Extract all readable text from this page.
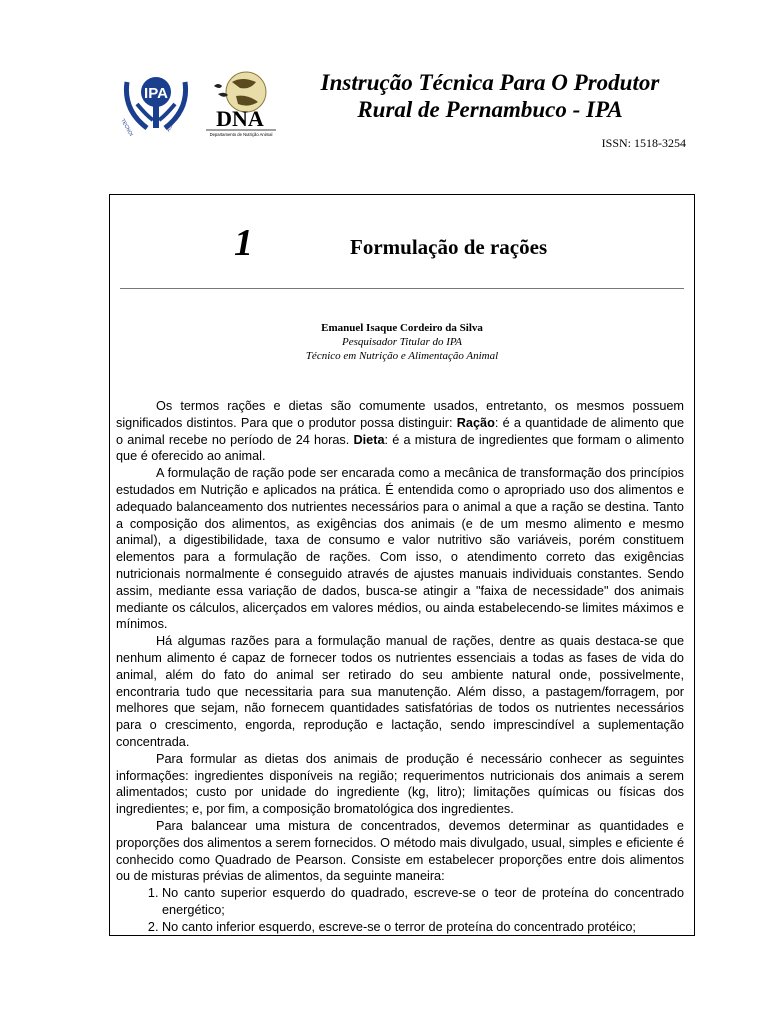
IPA
TECNOLOGIA	AGRÍCOLA DNA
Departamento de Nutrição Animal
Instrução Técnica Para O Produtor
Rural de Pernambuco - IPA
ISSN: 1518-3254
1	Formulação de rações
Emanuel Isaque Cordeiro da Silva
Pesquisador Titular do IPA
Técnico em Nutrição e Alimentação Animal

Os termos rações e dietas são comumente usados, entretanto, os mesmos possuem significados distintos. Para que o produtor possa distinguir: Ração: é a quantidade de alimento que o animal recebe no período de 24 horas. Dieta: é a mistura de ingredientes que formam o alimento que é oferecido ao animal.

A formulação de ração pode ser encarada como a mecânica de transformação dos princípios estudados em Nutrição e aplicados na prática. É entendida como o apropriado uso dos alimentos e adequado balanceamento dos nutrientes necessários para o animal a que a ração se destina. Tanto a composição dos alimentos, as exigências dos animais (e de um mesmo alimento e mesmo animal), a digestibilidade, taxa de consumo e valor nutritivo são variáveis, porém constituem elementos para a formulação de rações. Com isso, o atendimento correto das exigências nutricionais normalmente é conseguido através de ajustes manuais individuais constantes. Sendo assim, mediante essa variação de dados, busca-se atingir a "faixa de necessidade" dos animais mediante os cálculos, alicerçados em valores médios, ou ainda estabelecendo-se limites máximos e mínimos.

Há algumas razões para a formulação manual de rações, dentre as quais destaca-se que nenhum alimento é capaz de fornecer todos os nutrientes essenciais a todas as fases de vida do animal, além do fato do animal ser retirado do seu ambiente natural onde, possivelmente, encontraria tudo que necessitaria para sua manutenção. Além disso, a pastagem/forragem, por melhores que sejam, não fornecem quantidades satisfatórias de todos os nutrientes necessários para o crescimento, engorda, reprodução e lactação, sendo imprescindível a suplementação concentrada.

Para formular as dietas dos animais de produção é necessário conhecer as seguintes informações: ingredientes disponíveis na região; requerimentos nutricionais dos animais a serem alimentados; custo por unidade do ingrediente (kg, litro); limitações químicas ou físicas dos ingredientes; e, por fim, a composição bromatológica dos ingredientes.

Para balancear uma mistura de concentrados, devemos determinar as quantidades e proporções dos alimentos a serem fornecidos. O método mais divulgado, usual, simples e eficiente é conhecido como Quadrado de Pearson. Consiste em estabelecer proporções entre dois alimentos ou de misturas prévias de alimentos, da seguinte maneira:

1. No canto superior esquerdo do quadrado, escreve-se o teor de proteína do concentrado energético;
2. No canto inferior esquerdo, escreve-se o terror de proteína do concentrado protéico;
